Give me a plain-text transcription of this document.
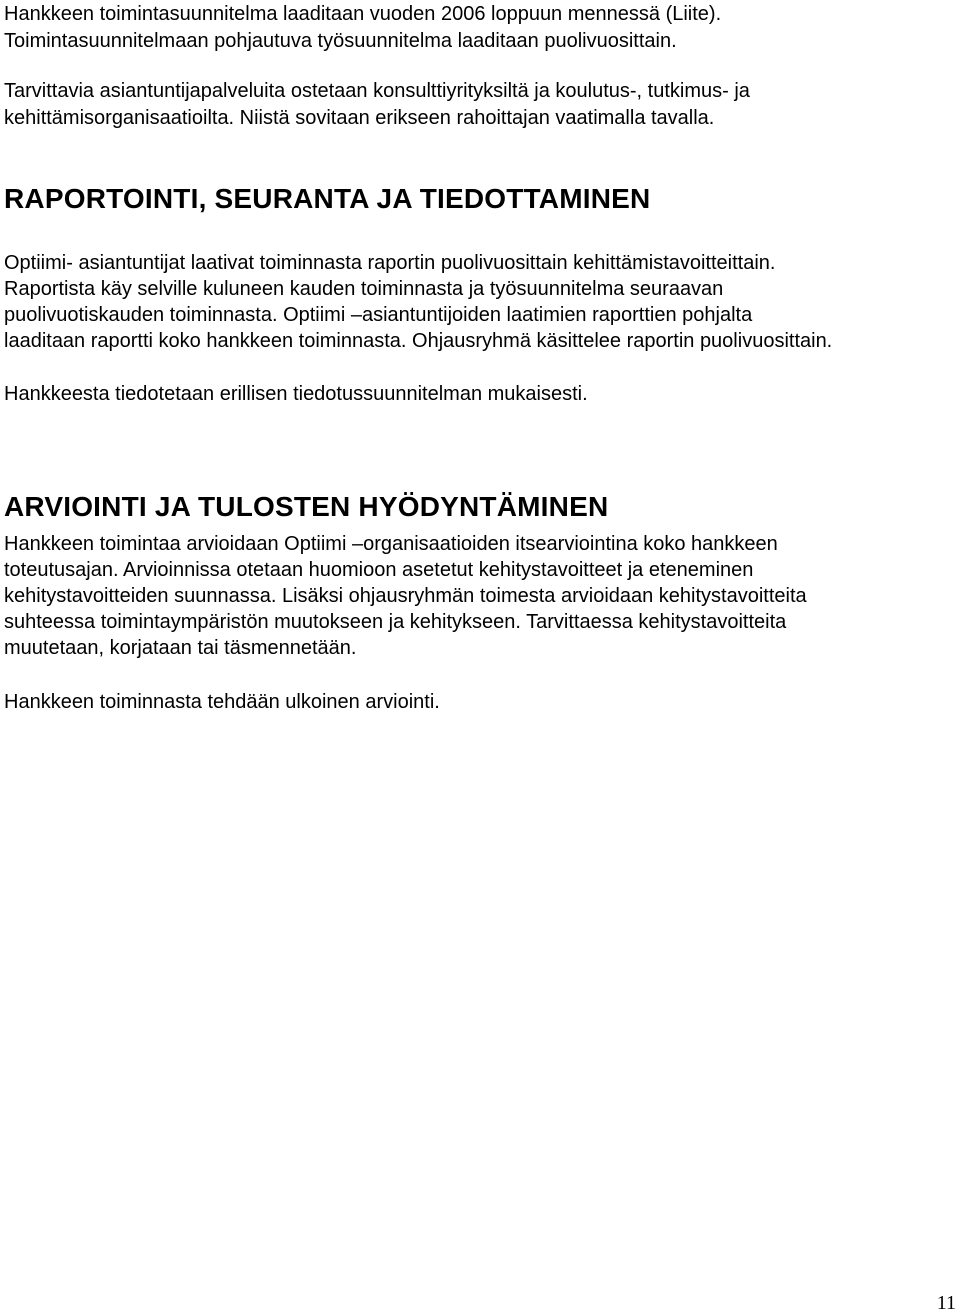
Hankkeen toimintasuunnitelma laaditaan vuoden 2006 loppuun mennessä (Liite).
Toimintasuunnitelmaan pohjautuva työsuunnitelma laaditaan puolivuosittain.
Tarvittavia asiantuntijapalveluita ostetaan konsulttiyrityksiltä ja koulutus-, tutkimus- ja
kehittämisorganisaatioilta. Niistä sovitaan erikseen rahoittajan vaatimalla tavalla.
RAPORTOINTI, SEURANTA JA TIEDOTTAMINEN
Optiimi- asiantuntijat laativat toiminnasta raportin puolivuosittain kehittämistavoitteittain.
Raportista käy selville kuluneen kauden toiminnasta ja työsuunnitelma seuraavan
puolivuotiskauden toiminnasta. Optiimi –asiantuntijoiden laatimien raporttien pohjalta
laaditaan raportti koko hankkeen toiminnasta. Ohjausryhmä käsittelee raportin puolivuosittain.
Hankkeesta tiedotetaan erillisen tiedotussuunnitelman mukaisesti.
ARVIOINTI JA TULOSTEN HYÖDYNTÄMINEN
Hankkeen toimintaa arvioidaan Optiimi –organisaatioiden itsearviointina koko hankkeen
toteutusajan. Arvioinnissa otetaan huomioon asetetut kehitystavoitteet ja eteneminen
kehitystavoitteiden suunnassa. Lisäksi ohjausryhmän toimesta arvioidaan kehitystavoitteita
suhteessa toimintaympäristön muutokseen ja kehitykseen. Tarvittaessa kehitystavoitteita
muutetaan, korjataan tai täsmennetään.
Hankkeen toiminnasta tehdään ulkoinen arviointi.
11
